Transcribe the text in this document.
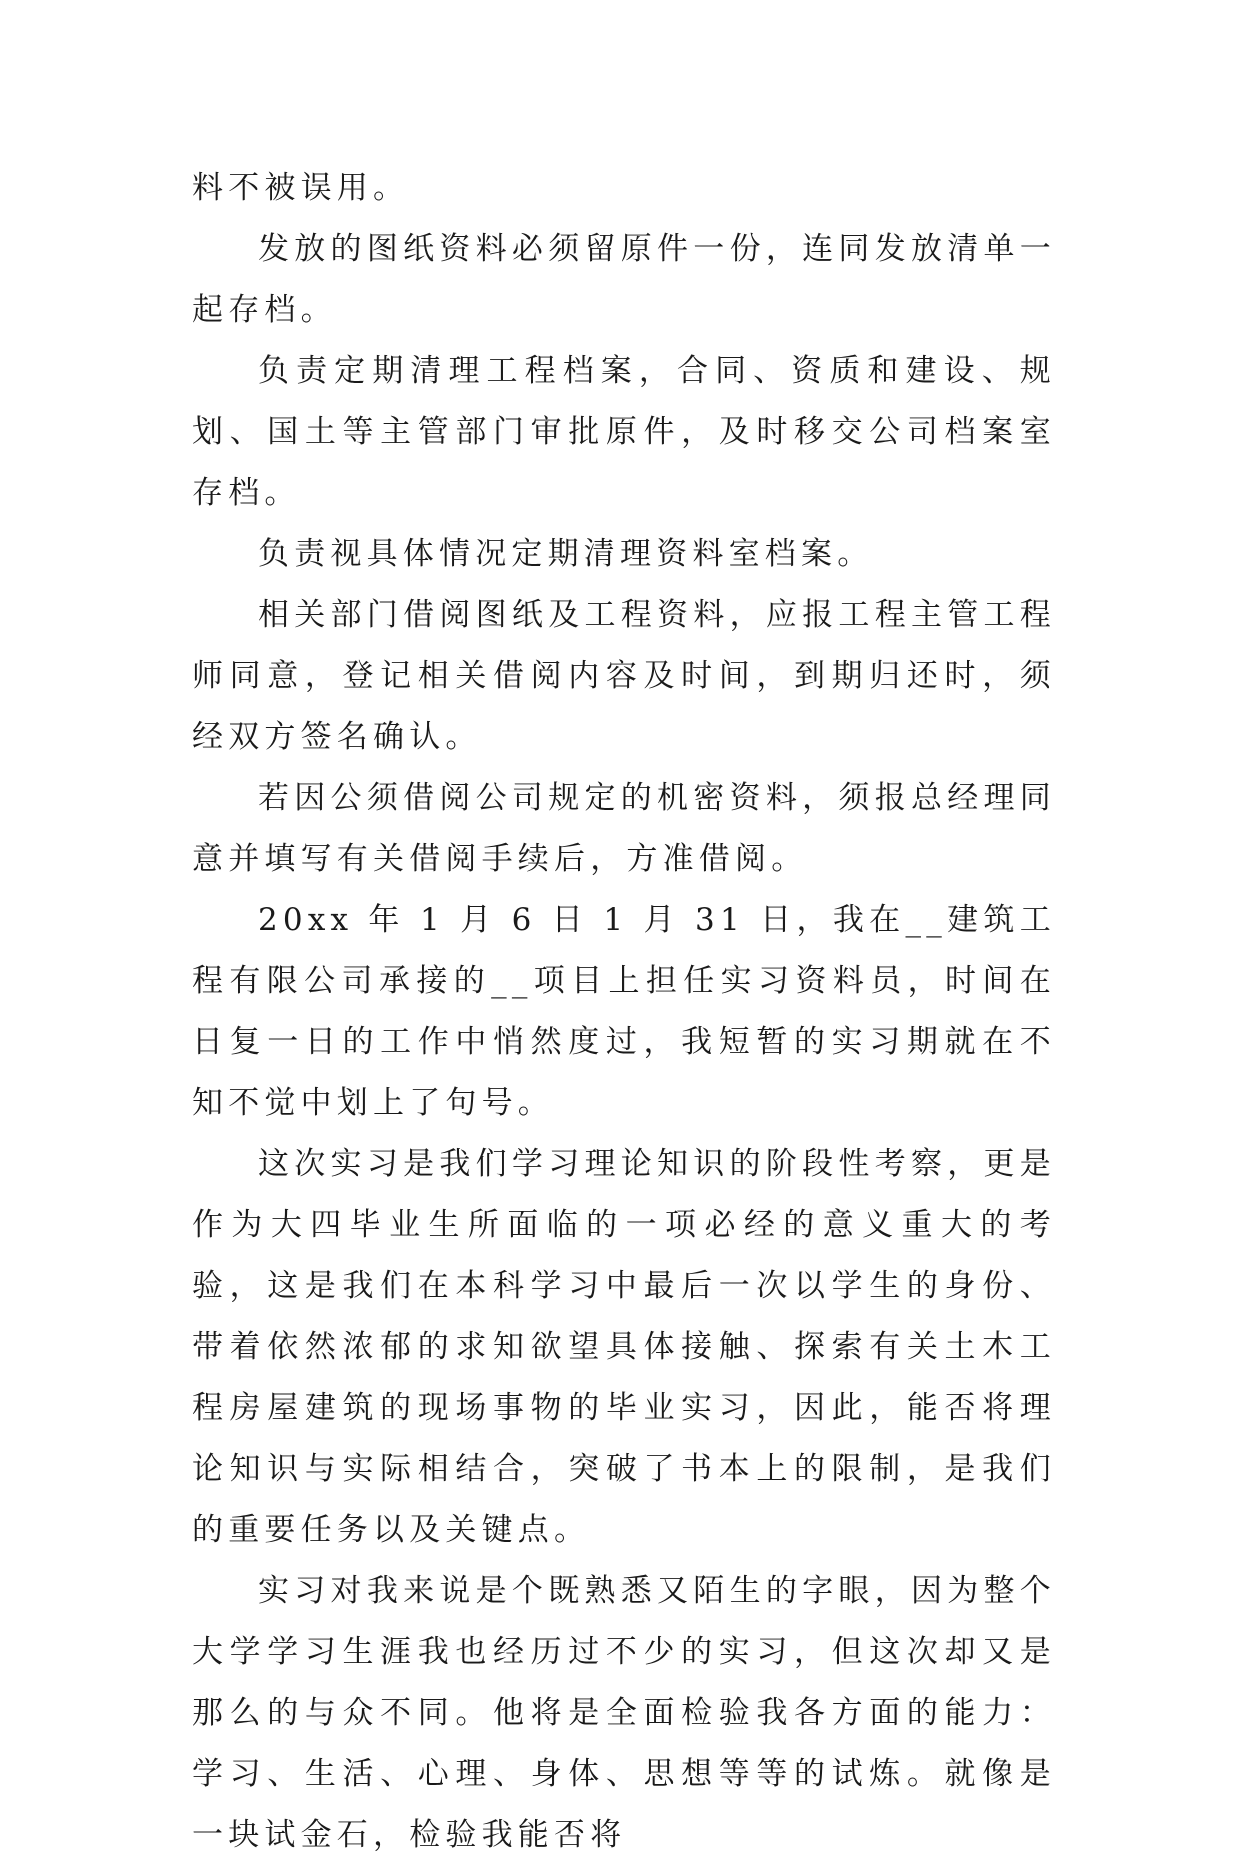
料不被误用。

发放的图纸资料必须留原件一份，连同发放清单一起存档。

负责定期清理工程档案，合同、资质和建设、规划、国土等主管部门审批原件，及时移交公司档案室存档。

负责视具体情况定期清理资料室档案。

相关部门借阅图纸及工程资料，应报工程主管工程师同意，登记相关借阅内容及时间，到期归还时，须经双方签名确认。

若因公须借阅公司规定的机密资料，须报总经理同意并填写有关借阅手续后，方准借阅。

20xx 年 1 月 6 日 1 月 31 日，我在__建筑工程有限公司承接的__项目上担任实习资料员，时间在日复一日的工作中悄然度过，我短暂的实习期就在不知不觉中划上了句号。

这次实习是我们学习理论知识的阶段性考察，更是作为大四毕业生所面临的一项必经的意义重大的考验，这是我们在本科学习中最后一次以学生的身份、带着依然浓郁的求知欲望具体接触、探索有关土木工程房屋建筑的现场事物的毕业实习，因此，能否将理论知识与实际相结合，突破了书本上的限制，是我们的重要任务以及关键点。

实习对我来说是个既熟悉又陌生的字眼，因为整个大学学习生涯我也经历过不少的实习，但这次却又是那么的与众不同。他将是全面检验我各方面的能力：学习、生活、心理、身体、思想等等的试炼。就像是一块试金石，检验我能否将
